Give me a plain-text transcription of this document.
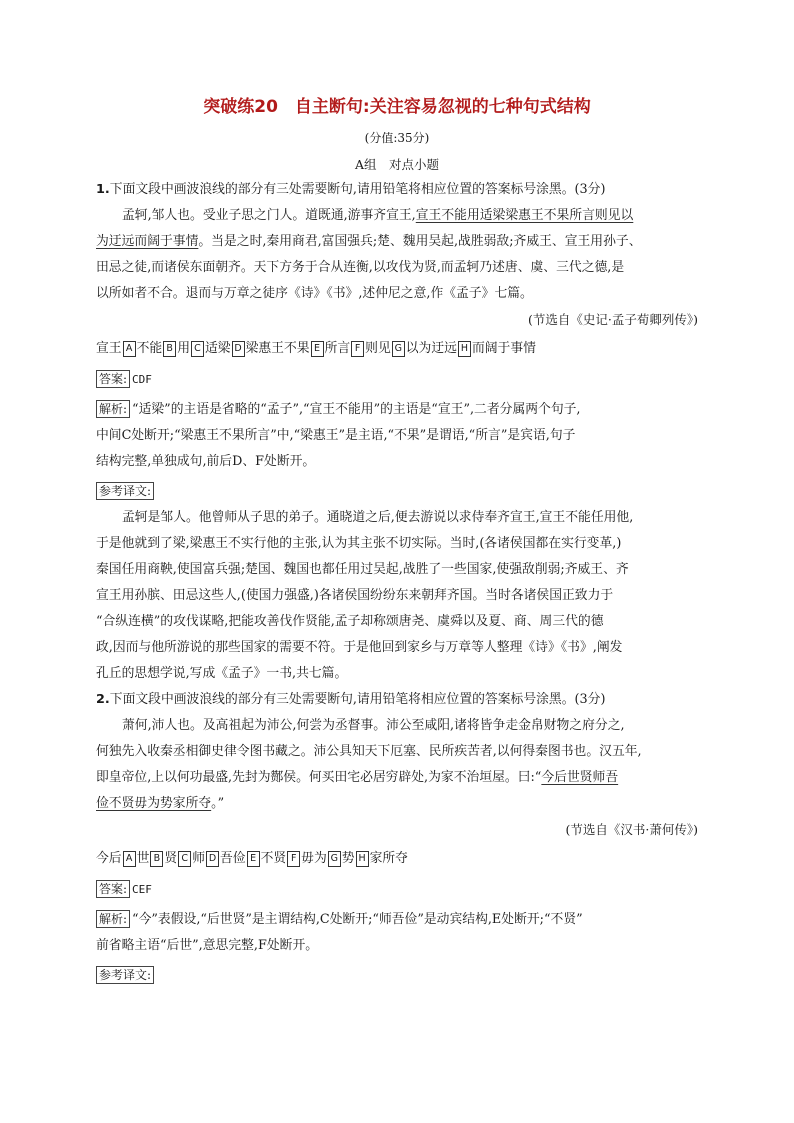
突破练20　自主断句:关注容易忽视的七种句式结构

(分值:35分)

A组　对点小题

1.下面文段中画波浪线的部分有三处需要断句,请用铅笔将相应位置的答案标号涂黑。(3分)

孟轲,邹人也。受业子思之门人。道既通,游事齐宣王,宣王不能用适梁梁惠王不果所言则见以

为迂远而阔于事情。当是之时,秦用商君,富国强兵;楚、魏用吴起,战胜弱敌;齐威王、宣王用孙子、

田忌之徒,而诸侯东面朝齐。天下方务于合从连衡,以攻伐为贤,而孟轲乃述唐、虞、三代之德,是

以所如者不合。退而与万章之徒序《诗》《书》,述仲尼之意,作《孟子》七篇。

(节选自《史记·孟子荀卿列传》)

宣王 A 不能 B 用 C 适梁 D 梁惠王不果 E 所言 F 则见 G 以为迂远 H 而阔于事情

答案: CDF

解析: “适梁”的主语是省略的“孟子”,“宣王不能用”的主语是“宣王”,二者分属两个句子,

中间C处断开;“梁惠王不果所言”中,“梁惠王”是主语,“不果”是谓语,“所言”是宾语,句子

结构完整,单独成句,前后D、F处断开。

参考译文:

孟轲是邹人。他曾师从子思的弟子。通晓道之后,便去游说以求侍奉齐宣王,宣王不能任用他,

于是他就到了梁,梁惠王不实行他的主张,认为其主张不切实际。当时,(各诸侯国都在实行变革,)

秦国任用商鞅,使国富兵强;楚国、魏国也都任用过吴起,战胜了一些国家,使强敌削弱;齐威王、齐

宣王用孙膑、田忌这些人,(使国力强盛,)各诸侯国纷纷东来朝拜齐国。当时各诸侯国正致力于

“合纵连横”的攻伐谋略,把能攻善伐作贤能,孟子却称颂唐尧、虞舜以及夏、商、周三代的德

政,因而与他所游说的那些国家的需要不符。于是他回到家乡与万章等人整理《诗》《书》,阐发

孔丘的思想学说,写成《孟子》一书,共七篇。

2.下面文段中画波浪线的部分有三处需要断句,请用铅笔将相应位置的答案标号涂黑。(3分)

萧何,沛人也。及高祖起为沛公,何尝为丞督事。沛公至咸阳,诸将皆争走金帛财物之府分之,

何独先入收秦丞相御史律令图书藏之。沛公具知天下厄塞、民所疾苦者,以何得秦图书也。汉五年,

即皇帝位,上以何功最盛,先封为酂侯。何买田宅必居穷辟处,为家不治垣屋。曰:“今后世贤师吾

俭不贤毋为势家所夺。”

(节选自《汉书·萧何传》)

今后 A 世 B 贤 C 师 D 吾俭 E 不贤 F 毋为 G 势 H 家所夺

答案: CEF

解析: “今”表假设,“后世贤”是主谓结构,C处断开;“师吾俭”是动宾结构,E处断开;“不贤”

前省略主语“后世”,意思完整,F处断开。

参考译文:
